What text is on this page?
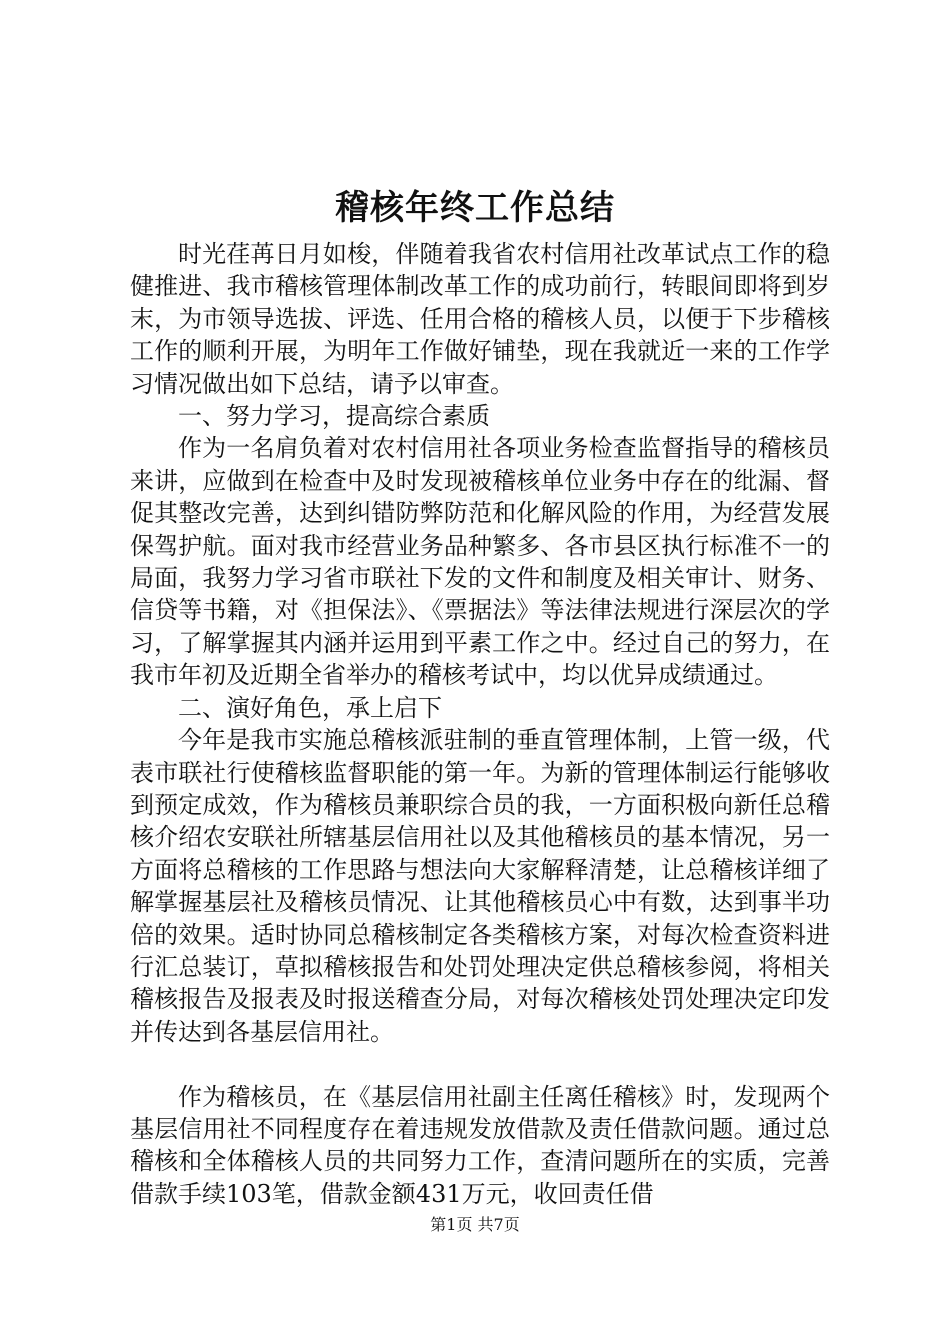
稽核年终工作总结

时光荏苒日月如梭，伴随着我省农村信用社改革试点工作的稳健推进、我市稽核管理体制改革工作的成功前行，转眼间即将到岁末，为市领导选拔、评选、任用合格的稽核人员，以便于下步稽核工作的顺利开展，为明年工作做好铺垫，现在我就近一来的工作学习情况做出如下总结，请予以审查。

一、努力学习，提高综合素质

作为一名肩负着对农村信用社各项业务检查监督指导的稽核员来讲，应做到在检查中及时发现被稽核单位业务中存在的纰漏、督促其整改完善，达到纠错防弊防范和化解风险的作用，为经营发展保驾护航。面对我市经营业务品种繁多、各市县区执行标准不一的局面，我努力学习省市联社下发的文件和制度及相关审计、财务、信贷等书籍，对《担保法》、《票据法》等法律法规进行深层次的学习，了解掌握其内涵并运用到平素工作之中。经过自己的努力，在我市年初及近期全省举办的稽核考试中，均以优异成绩通过。

二、演好角色，承上启下

今年是我市实施总稽核派驻制的垂直管理体制，上管一级，代表市联社行使稽核监督职能的第一年。为新的管理体制运行能够收到预定成效，作为稽核员兼职综合员的我，一方面积极向新任总稽核介绍农安联社所辖基层信用社以及其他稽核员的基本情况，另一方面将总稽核的工作思路与想法向大家解释清楚，让总稽核详细了解掌握基层社及稽核员情况、让其他稽核员心中有数，达到事半功倍的效果。适时协同总稽核制定各类稽核方案，对每次检查资料进行汇总装订，草拟稽核报告和处罚处理决定供总稽核参阅，将相关稽核报告及报表及时报送稽查分局，对每次稽核处罚处理决定印发并传达到各基层信用社。

作为稽核员，在《基层信用社副主任离任稽核》时，发现两个基层信用社不同程度存在着违规发放借款及责任借款问题。通过总稽核和全体稽核人员的共同努力工作，查清问题所在的实质，完善借款手续103笔，借款金额431万元，收回责任借

第1页 共7页
